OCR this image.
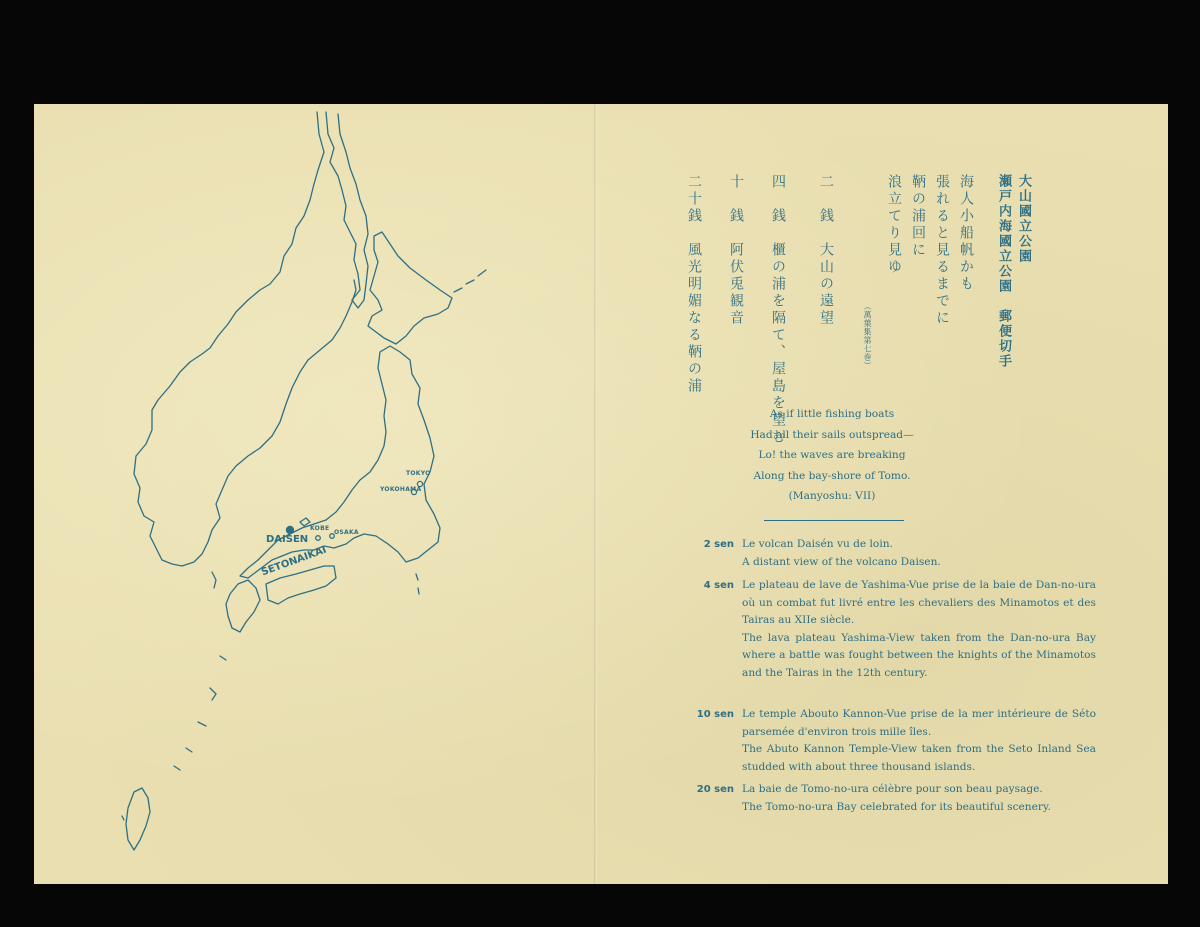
TOKYO
YOKOHAMA
KOBE
OSAKA
DAISEN
SETONAIKAI
大山國立公園
瀬戸内海國立公園　郵便切手
海人小船帆かも
張れると見るまでに
鞆の浦回に
浪立てり見ゆ
（萬葉集第七巻）
二　銭　大山の遠望
四　銭　櫃の浦を隔て、屋島を望む
十　銭　阿伏兎観音
二十銭　風光明媚なる鞆の浦
As if little fishing boats
Had all their sails outspread—
Lo! the waves are breaking
Along the bay-shore of Tomo.
(Manyoshu: VII)
2 sen Le volcan Daisén vu de loin.

A distant view of the volcano Daisen.

4 sen Le plateau de lave de Yashima-Vue prise de la baie de Dan-no-ura où un combat fut livré entre les chevaliers des Minamotos et des Tairas au XIIe siècle.

The lava plateau Yashima-View taken from the Dan-no-ura Bay where a battle was fought between the knights of the Minamotos and the Tairas in the 12th century.

10 sen Le temple Abouto Kannon-Vue prise de la mer intérieure de Séto parsemée d'environ trois mille îles.

The Abuto Kannon Temple-View taken from the Seto Inland Sea studded with about three thousand islands.

20 sen La baie de Tomo-no-ura célèbre pour son beau paysage.

The Tomo-no-ura Bay celebrated for its beautiful scenery.
